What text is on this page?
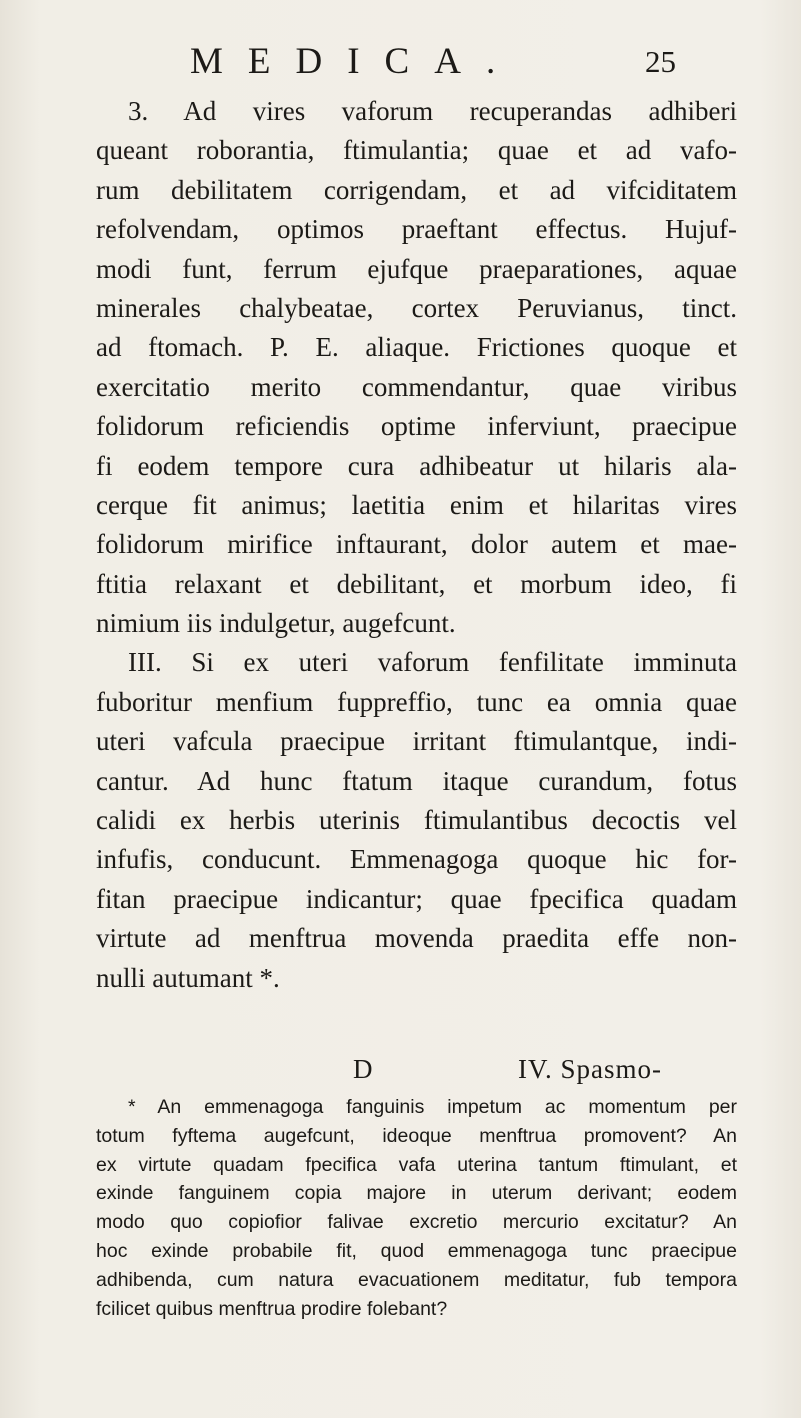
MEDICA.	25
3. Ad vires vaforum recuperandas adhiberi
queant roborantia, ftimulantia; quae et ad vafo-
rum debilitatem corrigendam, et ad vifciditatem
refolvendam, optimos praeftant effectus. Hujuf-
modi funt, ferrum ejufque praeparationes, aquae
minerales chalybeatae, cortex Peruvianus, tinct.
ad ftomach. P. E. aliaque. Frictiones quoque et
exercitatio merito commendantur, quae viribus
folidorum reficiendis optime inferviunt, praecipue
fi eodem tempore cura adhibeatur ut hilaris ala-
cerque fit animus; laetitia enim et hilaritas vires
folidorum mirifice inftaurant, dolor autem et mae-
ftitia relaxant et debilitant, et morbum ideo, fi
nimium iis indulgetur, augefcunt.
III. Si ex uteri vaforum fenfilitate imminuta
fuboritur menfium fuppreffio, tunc ea omnia quae
uteri vafcula praecipue irritant ftimulantque, indi-
cantur. Ad hunc ftatum itaque curandum, fotus
calidi ex herbis uterinis ftimulantibus decoctis vel
infufis, conducunt. Emmenagoga quoque hic for-
fitan praecipue indicantur; quae fpecifica quadam
virtute ad menftrua movenda praedita effe non-
nulli autumant *.
D	IV. Spasmo-
* An emmenagoga fanguinis impetum ac momentum per
totum fyftema augefcunt, ideoque menftrua promovent? An
ex virtute quadam fpecifica vafa uterina tantum ftimulant, et
exinde fanguinem copia majore in uterum derivant; eodem
modo quo copiofior falivae excretio mercurio excitatur? An
hoc exinde probabile fit, quod emmenagoga tunc praecipue
adhibenda, cum natura evacuationem meditatur, fub tempora
fcilicet quibus menftrua prodire folebant?
